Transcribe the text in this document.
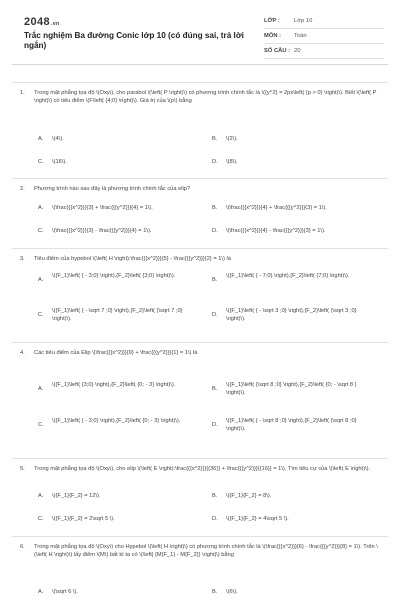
2048.vn
Trắc nghiệm Ba đường Conic lớp 10 (có đúng sai, trả lời ngắn)
LỚP :	Lớp 10
MÔN :	Toán
SỐ CÂU : 20
1.	Trong mặt phẳng tọa độ \(Oxy\), cho parabol \(\left( P \right)\) có phương trình chính tắc là \({y^2} = 2px\left( {p > 0} \right)\). Biết \(\left( P \right)\) có tiêu điểm \(F\left( {4;0} \right)\). Giá trị của \(p\) bằng
A.	\(4\).	B.	\(2\).
C.	\(16\).	D.	\(8\).
2.	Phương trình nào sau đây là phương trình chính tắc của elip?
A.	\(\frac{{{x^2}}}{3} + \frac{{{y^2}}}{4} = 1\).	B.	\(\frac{{{x^2}}}{4} + \frac{{{y^2}}}{3} = 1\).
C.	\(\frac{{{x^2}}}{3} - \frac{{{y^2}}}{4} = 1\).	D.	\(\frac{{{x^2}}}{4} - \frac{{{y^2}}}{3} = 1\).
3.	Tiêu điểm của hypebol \(\left( H \right):\frac{{{x^2}}}{5} - \frac{{{y^2}}}{2} = 1\) là
A.
\({F_1}\left( { - 3;0} \right),{F_2}\left( {3;0} \right)\).
B.
\({F_1}\left( { - 7;0} \right),{F_2}\left( {7;0} \right)\).
C.
\({F_1}\left( { - \sqrt 7 ;0} \right),{F_2}\left( {\sqrt 7 ;0} \right)\).
D.
\({F_1}\left( { - \sqrt 3 ;0} \right),{F_2}\left( {\sqrt 3 ;0} \right)\).
4.	Các tiêu điểm của Elip \(\frac{{{x^2}}}{9} + \frac{{{y^2}}}{1} = 1\) là
A.
\({F_1}\left( {3;0} \right),{F_2}\left( {0; - 3} \right)\).
B.
\({F_1}\left( {\sqrt 8 ;0} \right),{F_2}\left( {0; - \sqrt 8 } \right)\).
C.
\({F_1}\left( { - 3;0} \right),{F_2}\left( {0; - 3} \right)\).
D.
\({F_1}\left( { - \sqrt 8 ;0} \right),{F_2}\left( {\sqrt 8 ;0} \right)\).
5.	Trong mặt phẳng tọa độ \(Oxy\), cho elip \(\left( E \right):\frac{{{x^2}}}{{36}} + \frac{{{y^2}}}{{16}} = 1\). Tìm tiêu cự của \(\left( E \right)\).
A.	\({F_1}{F_2} = 12\).	B.	\({F_1}{F_2} = 8\).
C.	\({F_1}{F_2} = 2\sqrt 5 \).	D.	\({F_1}{F_2} = 4\sqrt 5 \).
6.	Trong mặt phẳng tọa độ \(Oxy\) cho Hypebol \(\left( H \right)\) có phương trình chính tắc là \(\frac{{{x^2}}}{6} - \frac{{{y^2}}}{8} = 1\). Trên \(\left( H \right)\) lấy điểm \(M\) bất kì ta có \(\left| {M{F_1} - M{F_2}} \right|\) bằng
A.	\(\sqrt 6 \).	B.	\(6\).
